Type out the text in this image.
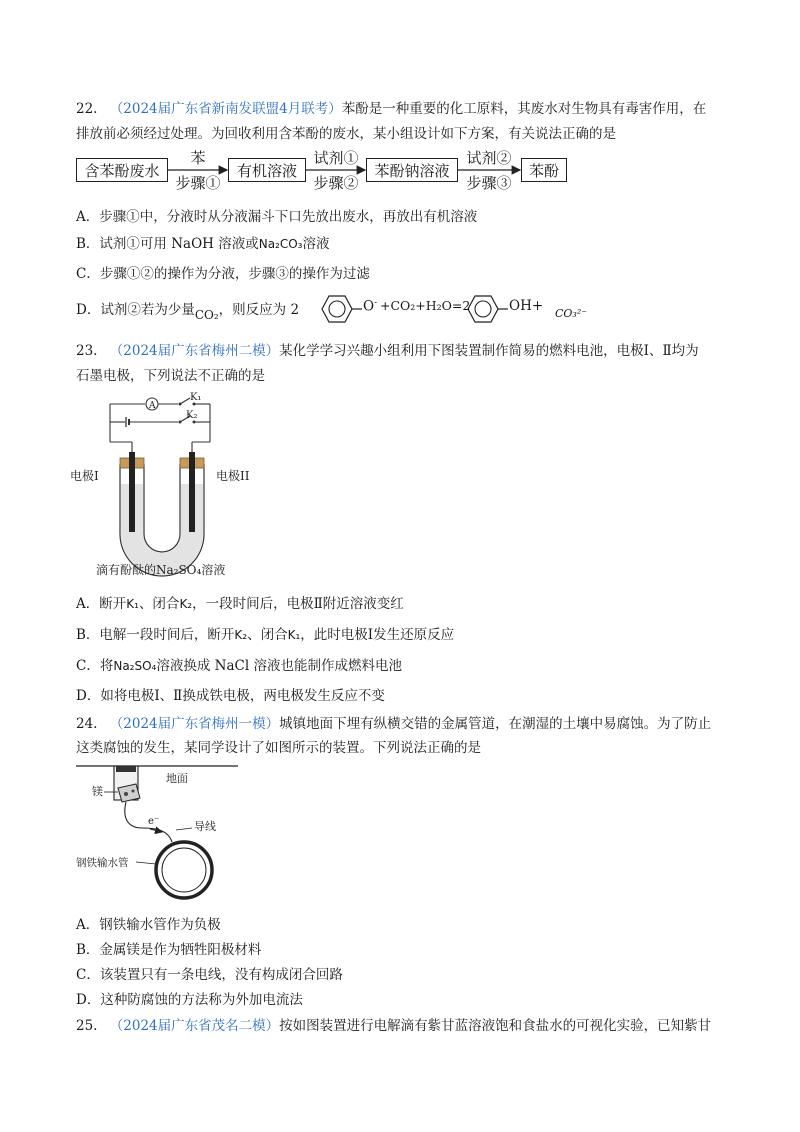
22. （2024届广东省新南发联盟4月联考）苯酚是一种重要的化工原料，其废水对生物具有毒害作用，在
排放前必须经过处理。为回收利用含苯酚的废水，某小组设计如下方案，有关说法正确的是
含苯酚废水	有机溶液	苯酚钠溶液	苯酚
苯
步骤①
试剂①
步骤②
试剂②
步骤③
A．步骤①中，分液时从分液漏斗下口先放出废水，再放出有机溶液
B．试剂①可用 NaOH 溶液或Na₂CO₃溶液
C．步骤①②的操作为分液，步骤③的操作为过滤
D．试剂②若为少量CO₂，则反应为 2	O- +CO₂+H₂O=2	OH+ CO₃²⁻
23. （2024届广东省梅州二模）某化学学习兴趣小组利用下图装置制作简易的燃料电池，电极Ⅰ、Ⅱ均为
石墨电极，下列说法不正确的是
A
K₁
K₂
电极I	电极II
滴有酚酞的Na₂SO₄溶液
A．断开K₁、闭合K₂，一段时间后，电极Ⅱ附近溶液变红
B．电解一段时间后，断开K₂、闭合K₁，此时电极Ⅰ发生还原反应
C．将Na₂SO₄溶液换成 NaCl 溶液也能制作成燃料电池
D．如将电极Ⅰ、Ⅱ换成铁电极，两电极发生反应不变
24. （2024届广东省梅州一模）城镇地面下埋有纵横交错的金属管道，在潮湿的土壤中易腐蚀。为了防止
这类腐蚀的发生，某同学设计了如图所示的装置。下列说法正确的是
地面
镁
e⁻	导线
钢铁输水管
A．钢铁输水管作为负极
B．金属镁是作为牺牲阳极材料
C．该装置只有一条电线，没有构成闭合回路
D．这种防腐蚀的方法称为外加电流法
25. （2024届广东省茂名二模）按如图装置进行电解滴有紫甘蓝溶液饱和食盐水的可视化实验，已知紫甘
